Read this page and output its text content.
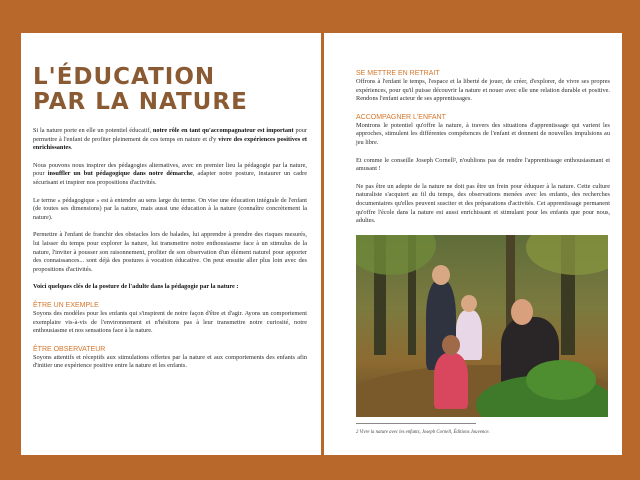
L'ÉDUCATION
PAR LA NATURE

Si la nature porte en elle un potentiel éducatif, notre rôle en tant qu'accompagnateur est important pour permettre à l'enfant de profiter pleinement de ces temps en nature et d'y vivre des expériences positives et enrichissantes.

Nous pouvons nous inspirer des pédagogies alternatives, avec en premier lieu la pédagogie par la nature, pour insuffler un but pédagogique dans notre démarche, adapter notre posture, instaurer un cadre sécurisant et inspirer nos propositions d'activités.

Le terme « pédagogique » est à entendre au sens large du terme. On vise une éducation intégrale de l'enfant (de toutes ses dimensions) par la nature, mais aussi une éducation à la nature (connaître concrètement la nature).

Permettre à l'enfant de franchir des obstacles lors de balades, lui apprendre à prendre des risques mesurés, lui laisser du temps pour explorer la nature, lui transmettre notre enthousiasme face à un stimulus de la nature, l'inviter à pousser son raisonnement, profiter de son observation d'un élément naturel pour apporter des connaissances... sont déjà des postures à vocation éducative. On peut ensuite aller plus loin avec des propositions d'activités.

Voici quelques clés de la posture de l'adulte dans la pédagogie par la nature :

ÊTRE UN EXEMPLE

Soyons des modèles pour les enfants qui s'inspirent de notre façon d'être et d'agir. Ayons un comportement exemplaire vis-à-vis de l'environnement et n'hésitons pas à leur transmettre notre curiosité, notre enthousiasme et nos sensations face à la nature.

ÊTRE OBSERVATEUR

Soyons attentifs et réceptifs aux stimulations offertes par la nature et aux comportements des enfants afin d'initier une expérience positive entre la nature et les enfants.

SE METTRE EN RETRAIT

Offrons à l'enfant le temps, l'espace et la liberté de jouer, de créer, d'explorer, de vivre ses propres expériences, pour qu'il puisse découvrir la nature et nouer avec elle une relation durable et positive. Rendons l'enfant acteur de ses apprentissages.

ACCOMPAGNER L'ENFANT

Montrons le potentiel qu'offre la nature, à travers des situations d'apprentissage qui varient les approches, stimulent les différentes compétences de l'enfant et donnent de nouvelles impulsions au jeu libre.

Et comme le conseille Joseph Cornell², n'oublions pas de rendre l'apprentissage enthousiasmant et amusant !

Ne pas être un adepte de la nature ne doit pas être un frein pour éduquer à la nature. Cette culture naturaliste s'acquiert au fil du temps, des observations menées avec les enfants, des recherches documentaires qu'elles peuvent susciter et des préparations d'activités. Cet apprentissage permanent qu'offre l'école dans la nature est aussi enrichissant et stimulant pour les enfants que pour nous, adultes.

2 Vivre la nature avec les enfants, Joseph Cornell, Éditions Jouvence.
